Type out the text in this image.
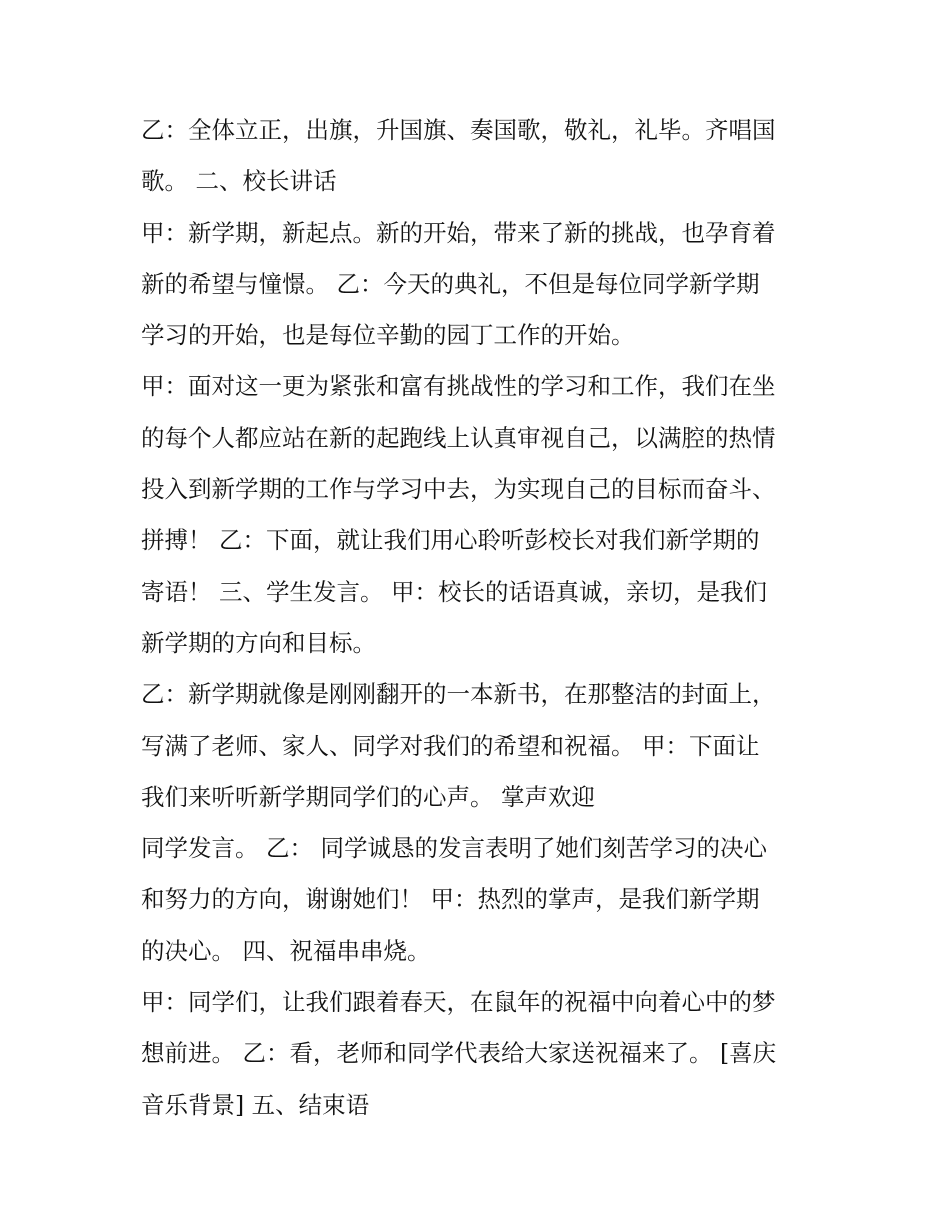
乙：全体立正，出旗，升国旗、奏国歌，敬礼，礼毕。齐唱国
歌。 二、校长讲话
甲：新学期，新起点。新的开始，带来了新的挑战，也孕育着
新的希望与憧憬。 乙：今天的典礼，不但是每位同学新学期
学习的开始，也是每位辛勤的园丁工作的开始。
甲：面对这一更为紧张和富有挑战性的学习和工作，我们在坐
的每个人都应站在新的起跑线上认真审视自己，以满腔的热情
投入到新学期的工作与学习中去，为实现自己的目标而奋斗、
拼搏！ 乙：下面，就让我们用心聆听彭校长对我们新学期的
寄语！ 三、学生发言。 甲：校长的话语真诚，亲切，是我们
新学期的方向和目标。
乙：新学期就像是刚刚翻开的一本新书，在那整洁的封面上，
写满了老师、家人、同学对我们的希望和祝福。 甲：下面让
我们来听听新学期同学们的心声。 掌声欢迎
同学发言。 乙： 同学诚恳的发言表明了她们刻苦学习的决心
和努力的方向，谢谢她们！ 甲：热烈的掌声，是我们新学期
的决心。 四、祝福串串烧。
甲：同学们，让我们跟着春天，在鼠年的祝福中向着心中的梦
想前进。 乙：看，老师和同学代表给大家送祝福来了。 [喜庆
音乐背景] 五、结束语
